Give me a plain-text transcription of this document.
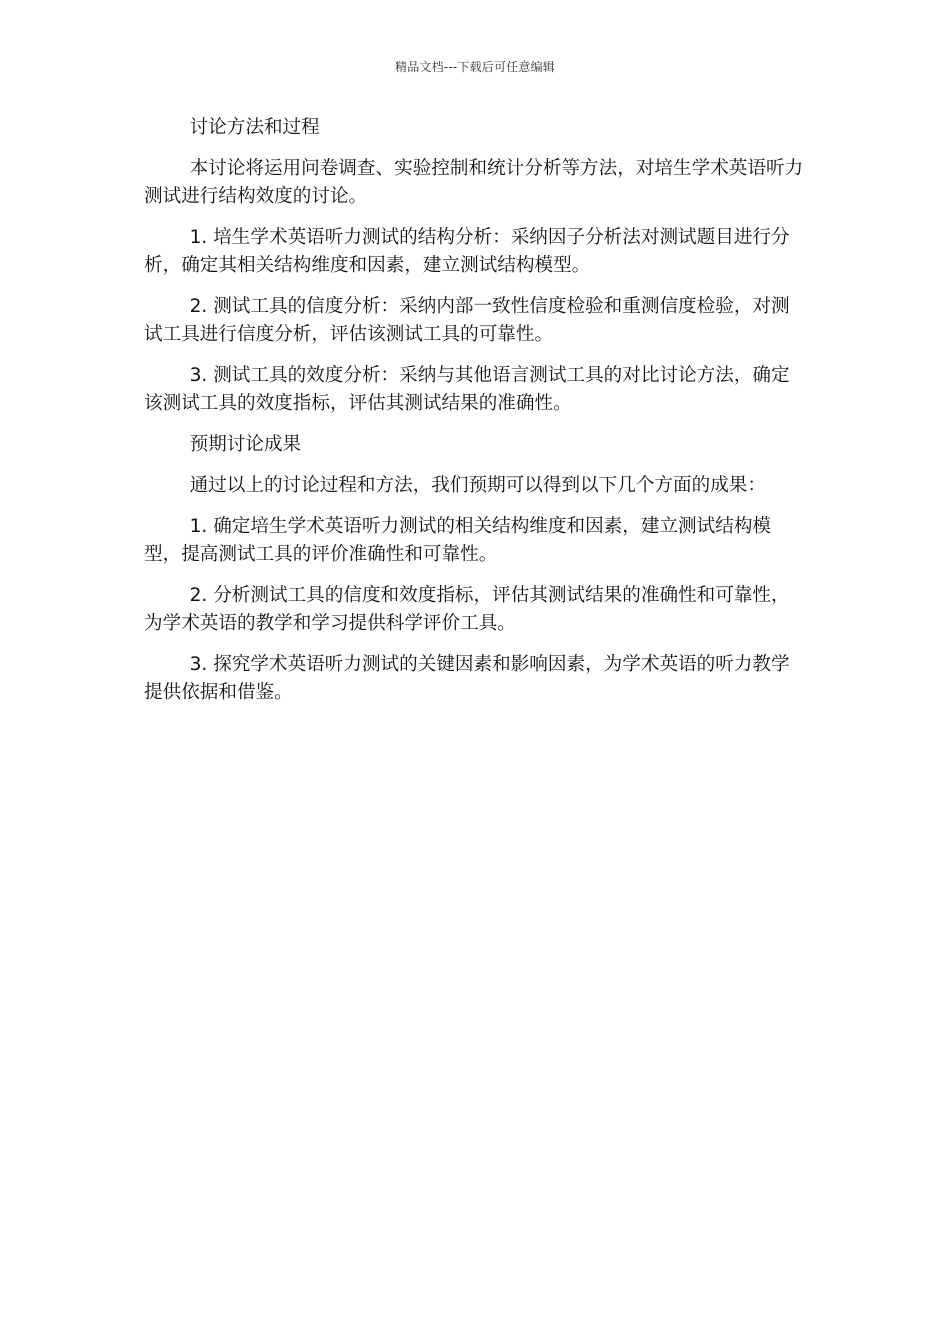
精品文档---下载后可任意编辑

讨论方法和过程

本讨论将运用问卷调查、实验控制和统计分析等方法，对培生学术英语听力测试进行结构效度的讨论。

1. 培生学术英语听力测试的结构分析：采纳因子分析法对测试题目进行分析，确定其相关结构维度和因素，建立测试结构模型。

2. 测试工具的信度分析：采纳内部一致性信度检验和重测信度检验，对测试工具进行信度分析，评估该测试工具的可靠性。

3. 测试工具的效度分析：采纳与其他语言测试工具的对比讨论方法，确定该测试工具的效度指标，评估其测试结果的准确性。

预期讨论成果

通过以上的讨论过程和方法，我们预期可以得到以下几个方面的成果：

1. 确定培生学术英语听力测试的相关结构维度和因素，建立测试结构模型，提高测试工具的评价准确性和可靠性。

2. 分析测试工具的信度和效度指标，评估其测试结果的准确性和可靠性，为学术英语的教学和学习提供科学评价工具。

3. 探究学术英语听力测试的关键因素和影响因素，为学术英语的听力教学提供依据和借鉴。
